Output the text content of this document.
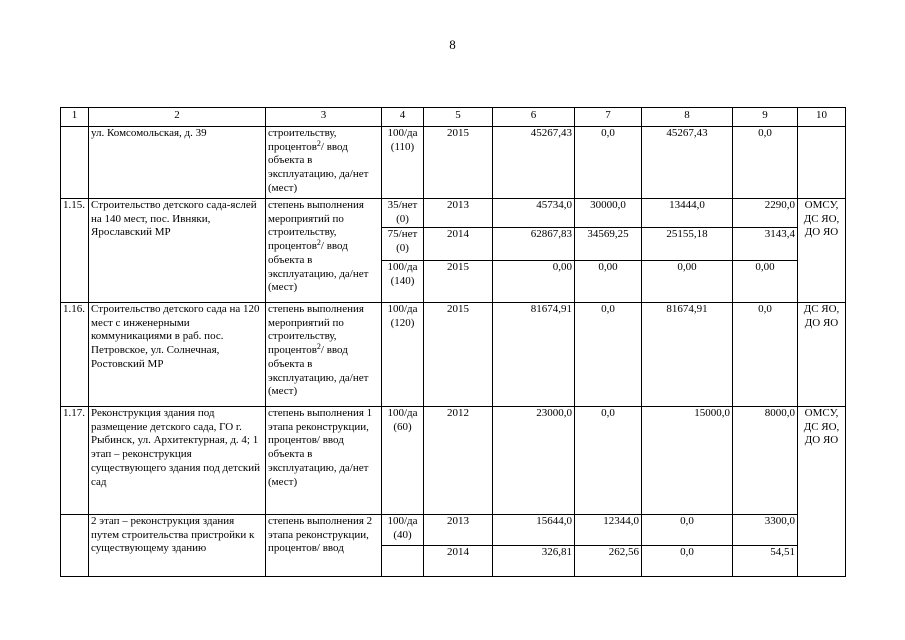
8
1	2	3	4	5	6	7	8	9	10
	ул. Комсомольская, д. 39	строительству, процентов$^2$/ ввод объекта в эксплуатацию, да/нет (мест)	100/да (110)	2015	45267,43	0,0	45267,43	0,0	
1.15.	Строительство детского сада-яслей на 140 мест, пос. Ивняки, Ярославский МР	степень выполнения мероприятий по строительству, процентов$^2$/ ввод объекта в эксплуатацию, да/нет (мест)	35/нет (0)	2013	45734,0	30000,0	13444,0	2290,0	ОМСУ, ДС ЯО, ДО ЯО
			75/нет (0)	2014	62867,83	34569,25	25155,18	3143,4	
			100/да (140)	2015	0,00	0,00	0,00	0,00	
1.16.	Строительство детского сада на 120 мест с инженерными коммуникациями в раб. пос. Петровское, ул. Солнечная, Ростовский МР	степень выполнения мероприятий по строительству, процентов$^2$/ ввод объекта в эксплуатацию, да/нет (мест)	100/да (120)	2015	81674,91	0,0	81674,91	0,0	ДС ЯО, ДО ЯО
1.17.	Реконструкция здания под размещение детского сада, ГО г. Рыбинск, ул. Архитектурная, д. 4; 1 этап – реконструкция существующего здания под детский сад	степень выполнения 1 этапа реконструкции, процентов/ ввод объекта в эксплуатацию, да/нет (мест)	100/да (60)	2012	23000,0	0,0	15000,0	8000,0	ОМСУ, ДС ЯО, ДО ЯО
	2 этап – реконструкция здания путем строительства пристройки к существующему зданию	степень выполнения 2 этапа реконструкции, процентов/ ввод	100/да (40)	2013	15644,0	12344,0	0,0	3300,0	
				2014	326,81	262,56	0,0	54,51	
